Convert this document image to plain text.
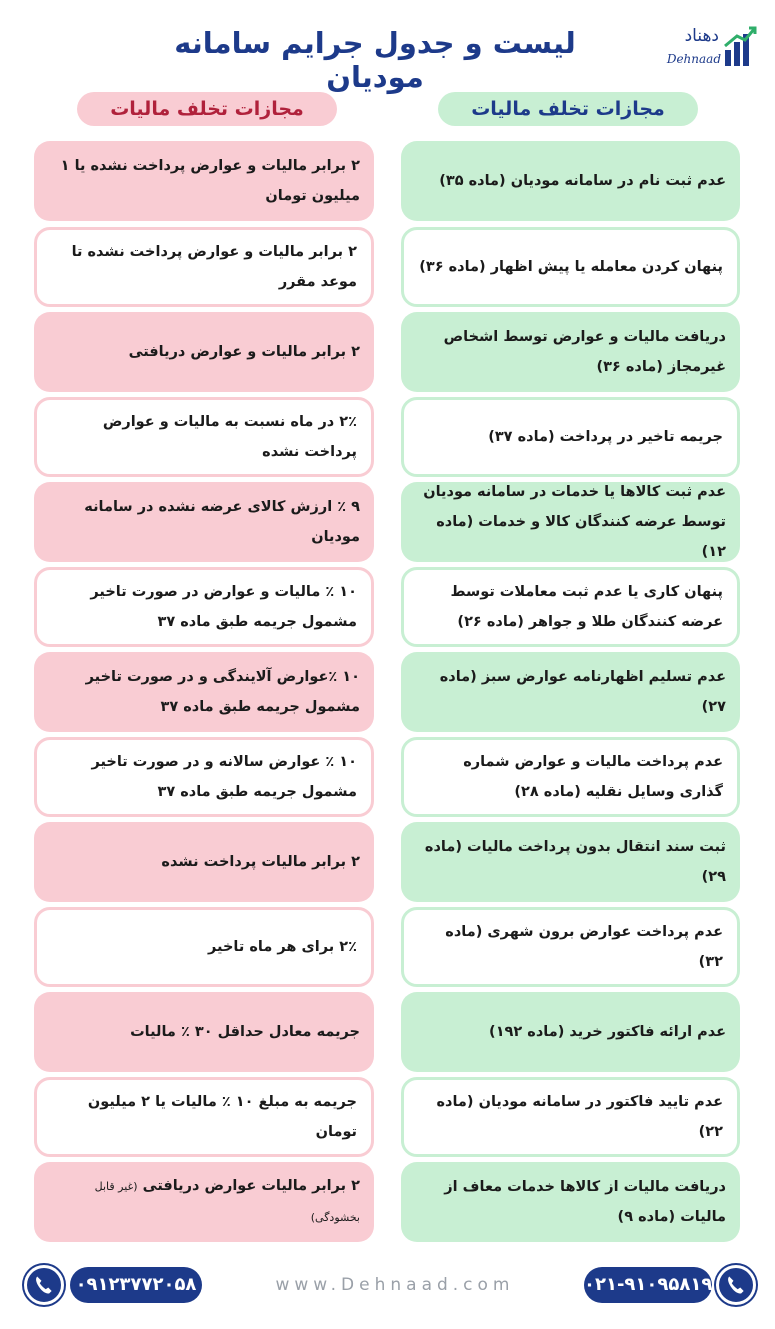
لیست و جدول جرایم سامانه مودیان
دهناد
Dehnaad
مجازات تخلف مالیات
مجازات تخلف مالیات
عدم ثبت نام در سامانه مودیان (ماده ۳۵)
۲ برابر مالیات و عوارض پرداخت نشده یا ۱ میلیون تومان
پنهان کردن معامله یا پیش اظهار (ماده ۳۶)
۲ برابر مالیات و عوارض پرداخت نشده تا موعد مقرر
دریافت مالیات و عوارض توسط اشخاص غیرمجاز (ماده ۳۶)
۲ برابر مالیات و عوارض دریافتی
جریمه تاخیر در پرداخت (ماده ۳۷)
۲٪ در ماه نسبت به مالیات و عوارض پرداخت نشده
عدم ثبت کالاها یا خدمات در سامانه مودیان توسط عرضه کنندگان کالا و خدمات (ماده ۱۲)
۹ ٪ ارزش کالای عرضه نشده در سامانه مودیان
پنهان کاری یا عدم ثبت معاملات توسط عرضه کنندگان طلا و جواهر (ماده ۲۶)
۱۰ ٪ مالیات و عوارض در صورت تاخیر مشمول جریمه طبق ماده ۳۷
عدم تسلیم اظهارنامه عوارض سبز (ماده ۲۷)
۱۰ ٪عوارض آلایندگی و در صورت تاخیر مشمول جریمه طبق ماده ۳۷
عدم پرداخت مالیات و عوارض شماره گذاری وسایل نقلیه (ماده ۲۸)
۱۰ ٪ عوارض سالانه و در صورت تاخیر مشمول جریمه طبق ماده ۳۷
ثبت سند انتقال بدون پرداخت مالیات (ماده ۲۹)
۲ برابر مالیات پرداخت نشده
عدم پرداخت عوارض برون شهری (ماده ۳۲)
۲٪ برای هر ماه تاخیر
عدم ارائه فاکتور خرید (ماده ۱۹۲)
جریمه معادل حداقل ۳۰ ٪ مالیات
عدم تایید فاکتور در سامانه مودیان (ماده ۲۲)
جریمه به مبلغ ۱۰ ٪ مالیات یا ۲ میلیون تومان
دریافت مالیات از کالاها خدمات معاف از مالیات (ماده ۹)
۲ برابر مالیات عوارض دریافتی (غیر قابل بخشودگی)
۰۹۱۲۳۷۷۲۰۵۸	www.Dehnaad.com	۰۲۱-۹۱۰۹۵۸۱۹
